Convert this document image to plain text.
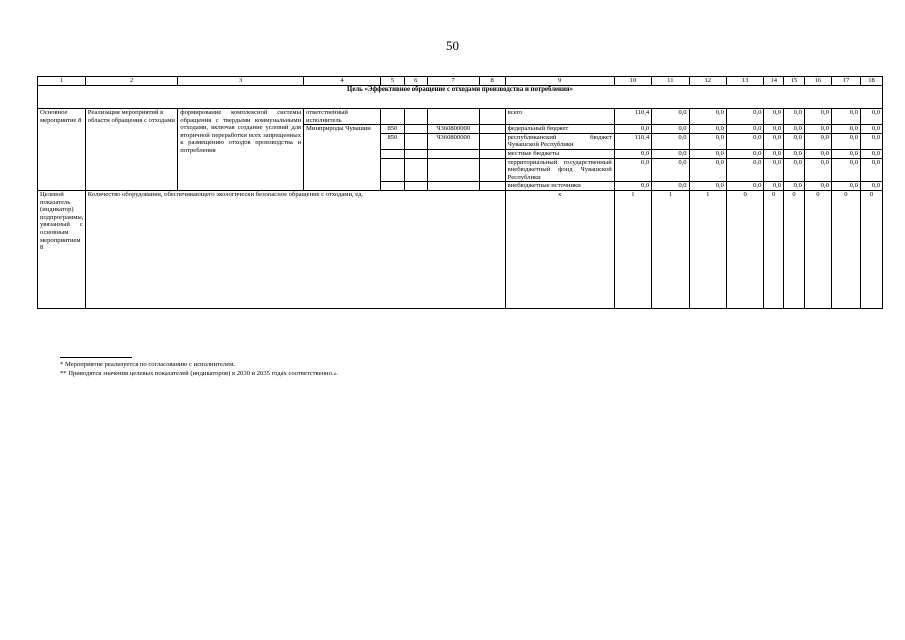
50
1	2	3	4	5	6	7	8	9	10	11	12	13	14	15	16	17	18
Цель «Эффективное обращение с отходами производства и потребления»																	
Основное мероприятие 8	Реализация мероприятий в области обращения с отходами	формирование комплексной системы обращения с твердыми коммунальными отходами, включая создание условий для вторичной переработки всех запрещенных к размещению отходов производства и потребления	ответственный исполнитель					всего	110,4	0,0	0,0	0,0	0,0	0,0	0,0	0,0	0,0
			Минприроды Чувашии	850		Ч360800000		федеральный бюджет	0,0	0,0	0,0	0,0	0,0	0,0	0,0	0,0	0,0
				850		Ч360800000		республиканский бюджет Чувашской Республики	110,4	0,0	0,0	0,0	0,0	0,0	0,0	0,0	0,0
								местные бюджеты	0,0	0,0	0,0	0,0	0,0	0,0	0,0	0,0	0,0
								территориальный государственный внебюджетный фонд Чувашской Республики	0,0	0,0	0,0	0,0	0,0	0,0	0,0	0,0	0,0
								внебюджетные источники	0,0	0,0	0,0	0,0	0,0	0,0	0,0	0,0	0,0
Целевой показатель (индикатор) подпрограммы, увязанный с основным мероприятием 8	Количество оборудования, обеспечивающего экологически безопасное обращение с отходами, ед.							х	1	1	1	0	0	0	0	0	0
* Мероприятие реализуется по согласованию с исполнителем.
** Приводятся значения целевых показателей (индикаторов) в 2030 и 2035 годах соответственно.».
